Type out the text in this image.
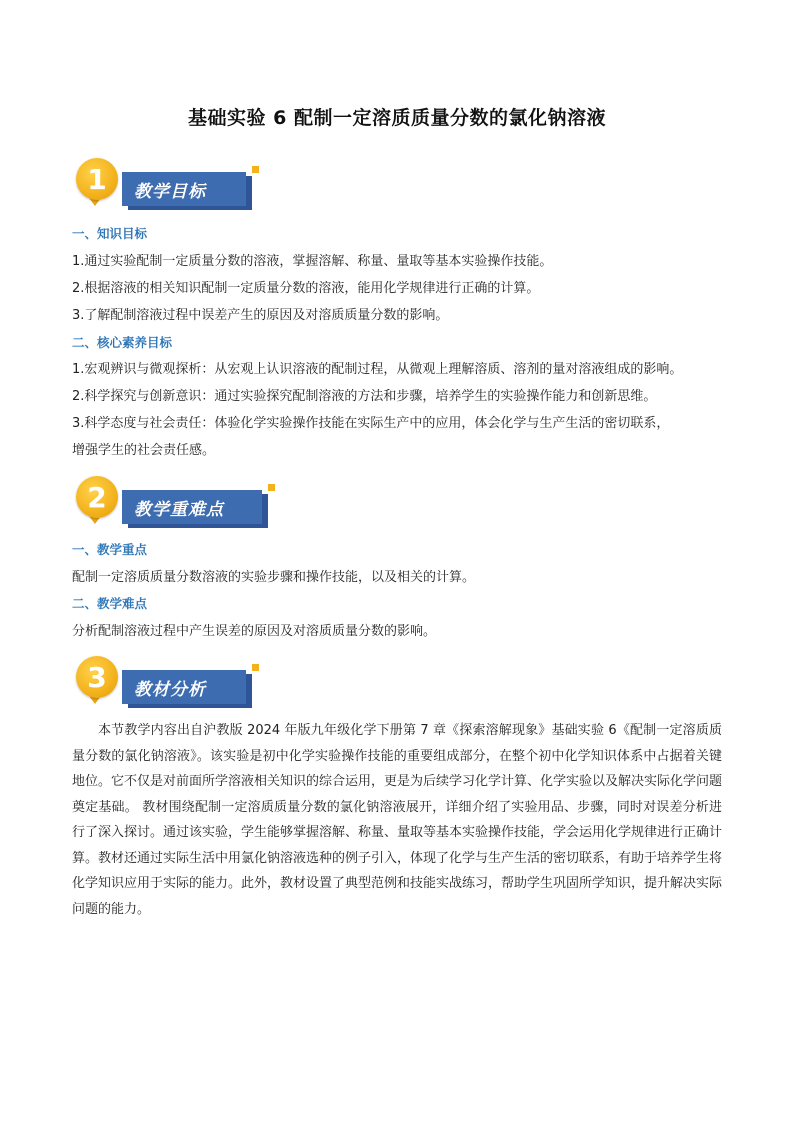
基础实验 6 配制一定溶质质量分数的氯化钠溶液
1	教学目标
一、知识目标
1.通过实验配制一定质量分数的溶液，掌握溶解、称量、量取等基本实验操作技能。
2.根据溶液的相关知识配制一定质量分数的溶液，能用化学规律进行正确的计算。
3.了解配制溶液过程中误差产生的原因及对溶质质量分数的影响。
二、核心素养目标
1.宏观辨识与微观探析：从宏观上认识溶液的配制过程，从微观上理解溶质、溶剂的量对溶液组成的影响。
2.科学探究与创新意识：通过实验探究配制溶液的方法和步骤，培养学生的实验操作能力和创新思维。
3.科学态度与社会责任：体验化学实验操作技能在实际生产中的应用，体会化学与生产生活的密切联系，
增强学生的社会责任感。
2	教学重难点
一、教学重点
配制一定溶质质量分数溶液的实验步骤和操作技能，以及相关的计算。
二、教学难点
分析配制溶液过程中产生误差的原因及对溶质质量分数的影响。
3	教材分析
本节教学内容出自沪教版 2024 年版九年级化学下册第 7 章《探索溶解现象》基础实验 6《配制一定溶质质量分数的氯化钠溶液》。该实验是初中化学实验操作技能的重要组成部分，在整个初中化学知识体系中占据着关键地位。它不仅是对前面所学溶液相关知识的综合运用，更是为后续学习化学计算、化学实验以及解决实际化学问题奠定基础。 教材围绕配制一定溶质质量分数的氯化钠溶液展开，详细介绍了实验用品、步骤，同时对误差分析进行了深入探讨。通过该实验，学生能够掌握溶解、称量、量取等基本实验操作技能，学会运用化学规律进行正确计算。教材还通过实际生活中用氯化钠溶液选种的例子引入，体现了化学与生产生活的密切联系，有助于培养学生将化学知识应用于实际的能力。此外，教材设置了典型范例和技能实战练习，帮助学生巩固所学知识，提升解决实际问题的能力。
